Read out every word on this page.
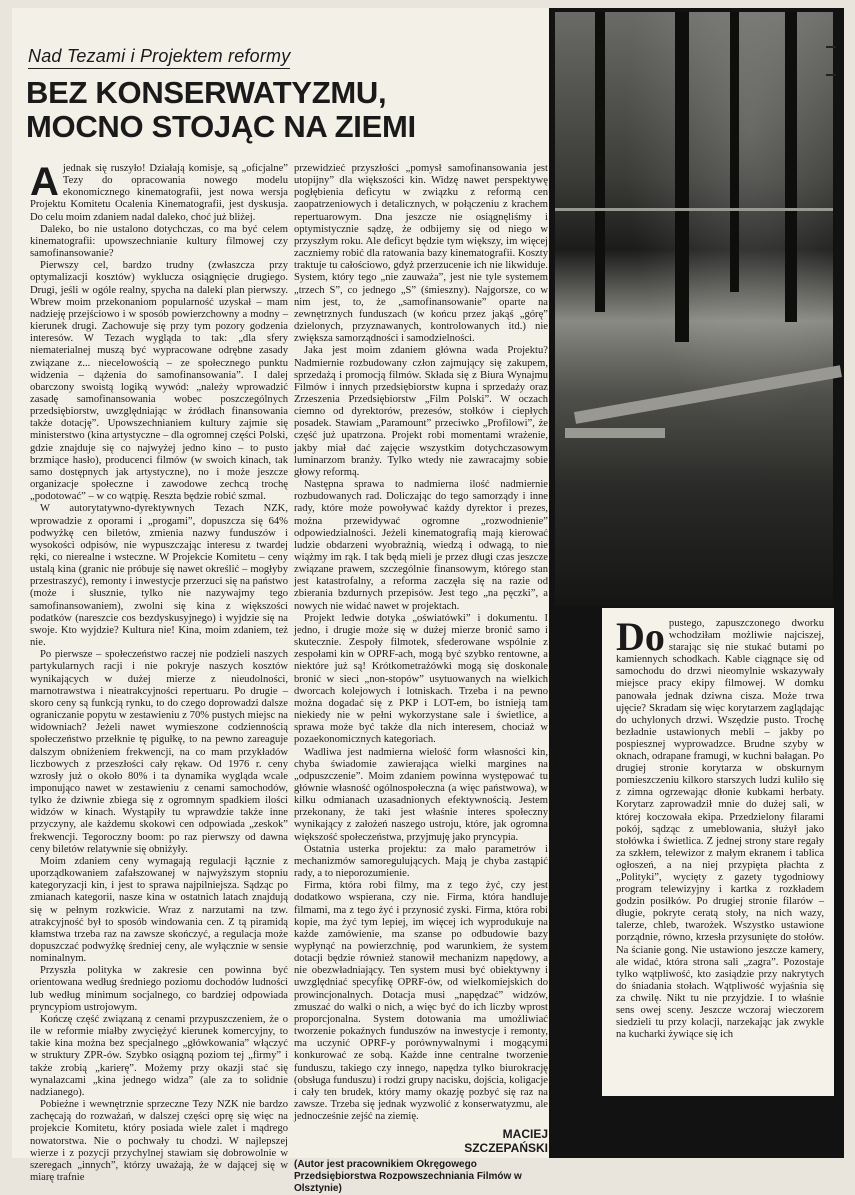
Nad Tezami i Projektem reformy
BEZ KONSERWATYZMU,
MOCNO STOJĄC NA ZIEMI

Ajednak się ruszyło! Działają komisje, są „oficjalne” Tezy do opracowania nowego modelu ekonomicznego kinematografii, jest nowa wersja Projektu Komitetu Ocalenia Kinematografii, jest dyskusja. Do celu moim zdaniem nadal daleko, choć już bliżej.

Daleko, bo nie ustalono dotychczas, co ma być celem kinematografii: upowszechnianie kultury filmowej czy samofinansowanie?

Pierwszy cel, bardzo trudny (zwłaszcza przy optymalizacji kosztów) wyklucza osiągnięcie drugiego. Drugi, jeśli w ogóle realny, spycha na daleki plan pierwszy. Wbrew moim przekonaniom popularność uzyskał – mam nadzieję przejściowo i w sposób powierzchowny a modny – kierunek drugi. Zachowuje się przy tym pozory godzenia interesów. W Tezach wygląda to tak: „dla sfery niematerialnej muszą być wypracowane odrębne zasady związane z... niecelowością – ze społecznego punktu widzenia – dążenia do samofinansowania”. I dalej obarczony swoistą logiką wywód: „należy wprowadzić zasadę samofinansowania wobec poszczególnych przedsiębiorstw, uwzględniając w źródłach finansowania także dotację”. Upowszechnianiem kultury zajmie się ministerstwo (kina artystyczne – dla ogromnej części Polski, gdzie znajduje się co najwyżej jedno kino – to pusto brzmiące hasło), producenci filmów (w swoich kinach, tak samo dostępnych jak artystyczne), no i może jeszcze organizacje społeczne i zawodowe zechcą trochę „podotować” – w co wątpię. Reszta będzie robić szmal.

W autorytatywno-dyrektywnych Tezach NZK, wprowadzie z oporami i „progami”, dopuszcza się 64% podwyżkę cen biletów, zmienia nazwy funduszów i wysokości odpisów, nie wypuszczając interesu z twardej ręki, co nierealne i wsteczne. W Projekcie Komitetu – ceny ustalą kina (granic nie próbuje się nawet określić – mogłyby przestraszyć), remonty i inwestycje przerzuci się na państwo (może i słusznie, tylko nie nazywajmy tego samofinansowaniem), zwolni się kina z większości podatków (nareszcie cos bezdyskusyjnego) i wyjdzie się na swoje. Kto wyjdzie? Kultura nie! Kina, moim zdaniem, też nie.

Po pierwsze – społeczeństwo raczej nie podzieli naszych partykularnych racji i nie pokryje naszych kosztów wynikających w dużej mierze z nieudolności, marnotrawstwa i nieatrakcyjności repertuaru. Po drugie – skoro ceny są funkcją rynku, to do czego doprowadzi dalsze ograniczanie popytu w zestawieniu z 70% pustych miejsc na widowniach? Jeżeli nawet wymieszone codziennością społeczeństwo przełknie tę pigułkę, to na pewno zareaguje dalszym obniżeniem frekwencji, na co mam przykładów liczbowych z przeszłości cały rękaw. Od 1976 r. ceny wzrosły już o około 80% i ta dynamika wygląda wcale imponująco nawet w zestawieniu z cenami samochodów, tylko że dziwnie zbiega się z ogromnym spadkiem ilości widzów w kinach. Wystąpiły tu wprawdzie także inne przyczyny, ale każdemu skokowi cen odpowiada „zeskok” frekwencji. Tegoroczny boom: po raz pierwszy od dawna ceny biletów relatywnie się obniżyły.

Moim zdaniem ceny wymagają regulacji łącznie z uporządkowaniem zafałszowanej w najwyższym stopniu kategoryzacji kin, i jest to sprawa najpilniejsza. Sądząc po zmianach kategorii, nasze kina w ostatnich latach znajdują się w pełnym rozkwicie. Wraz z narzutami na tzw. atrakcyjność był to sposób windowania cen. Z tą piramidą kłamstwa trzeba raz na zawsze skończyć, a regulacja może dopuszczać podwyżkę średniej ceny, ale wyłącznie w sensie nominalnym.

Przyszła polityka w zakresie cen powinna być orientowana według średniego poziomu dochodów ludności lub według minimum socjalnego, co bardziej odpowiada pryncypiom ustrojowym.

Kończę część związaną z cenami przypuszczeniem, że o ile w reformie miałby zwyciężyć kierunek komercyjny, to takie kina można bez specjalnego „główkowania” włączyć w struktury ZPR-ów. Szybko osiągną poziom tej „firmy” i także zrobią „karierę”. Możemy przy okazji stać się wynalazcami „kina jednego widza” (ale za to solidnie nadzianego).

Pobieżne i wewnętrznie sprzeczne Tezy NZK nie bardzo zachęcają do rozważań, w dalszej części oprę się więc na projekcie Komitetu, który posiada wiele zalet i mądrego nowatorstwa. Nie o pochwały tu chodzi. W najlepszej wierze i z pozycji przychylnej stawiam się dobrowolnie w szeregach „innych”, którzy uważają, że w dającej się w miarę trafnie

przewidzieć przyszłości „pomysł samofinansowania jest utopijny” dla większości kin. Widzę nawet perspektywę pogłębienia deficytu w związku z reformą cen zaopatrzeniowych i detalicznych, w połączeniu z krachem repertuarowym. Dna jeszcze nie osiągnęliśmy i optymistycznie sądzę, że odbijemy się od niego w przyszłym roku. Ale deficyt będzie tym większy, im więcej zaczniemy robić dla ratowania bazy kinematografii. Koszty traktuje tu całościowo, gdyż przerzucenie ich nie likwiduje. System, który tego „nie zauważa”, jest nie tyle systemem „trzech S”, co jednego „S” (śmieszny). Najgorsze, co w nim jest, to, że „samofinansowanie” oparte na zewnętrznych funduszach (w końcu przez jakąś „górę” dzielonych, przyznawanych, kontrolowanych itd.) nie zwiększa samorządności i samodzielności.

Jaka jest moim zdaniem główna wada Projektu? Nadmiernie rozbudowany człon zajmujący się zakupem, sprzedażą i promocją filmów. Składa się z Biura Wynajmu Filmów i innych przedsiębiorstw kupna i sprzedaży oraz Zrzeszenia Przedsiębiorstw „Film Polski”. W oczach ciemno od dyrektorów, prezesów, stołków i ciepłych posadek. Stawiam „Paramount” przeciwko „Profilowi”, że część już upatrzona. Projekt robi momentami wrażenie, jakby miał dać zajęcie wszystkim dotychczasowym luminarzom branży. Tylko wtedy nie zawracajmy sobie głowy reformą.

Następna sprawa to nadmierna ilość nadmiernie rozbudowanych rad. Doliczając do tego samorządy i inne rady, które może powoływać każdy dyrektor i prezes, można przewidywać ogromne „rozwodnienie” odpowiedzialności. Jeżeli kinematografią mają kierować ludzie obdarzeni wyobraźnią, wiedzą i odwagą, to nie wiążmy im rąk. I tak będą mieli je przez długi czas jeszcze związane prawem, szczególnie finansowym, którego stan jest katastrofalny, a reforma zaczęła się na razie od zbierania bzdurnych przepisów. Jest tego „na pęczki”, a nowych nie widać nawet w projektach.

Projekt ledwie dotyka „oświatówki” i dokumentu. I jedno, i drugie może się w dużej mierze bronić samo i skutecznie. Zespoły filmotek, sfederowane wspólnie z zespołami kin w OPRF-ach, mogą być szybko rentowne, a niektóre już są! Krótkometrażówki mogą się doskonale bronić w sieci „non-stopów” usytuowanych na wielkich dworcach kolejowych i lotniskach. Trzeba i na pewno można dogadać się z PKP i LOT-em, bo istnieją tam niekiedy nie w pełni wykorzystane sale i świetlice, a sprawa może być także dla nich interesem, chociaż w pozaekonomicznych kategoriach.

Wadliwa jest nadmierna wielość form własności kin, chyba świadomie zawierająca wielki margines na „odpuszczenie”. Moim zdaniem powinna występować tu głównie własność ogólnospołeczna (a więc państwowa), w kilku odmianach uzasadnionych efektywnością. Jestem przekonany, że taki jest właśnie interes społeczny wynikający z założeń naszego ustroju, które, jak ogromna większość społeczeństwa, przyjmuję jako pryncypia.

Ostatnia usterka projektu: za mało parametrów i mechanizmów samoregulujących. Mają je chyba zastąpić rady, a to nieporozumienie.

Firma, która robi filmy, ma z tego żyć, czy jest dodatkowo wspierana, czy nie. Firma, która handluje filmami, ma z tego żyć i przynosić zyski. Firma, która robi kopie, ma żyć tym lepiej, im więcej ich wyprodukuje na każde zamówienie, ma szanse po odbudowie bazy wypłynąć na powierzchnię, pod warunkiem, że system dotacji będzie również stanowił mechanizm napędowy, a nie obezwładniający. Ten system musi być obiektywny i uwzględniać specyfikę OPRF-ów, od wielkomiejskich do prowincjonalnych. Dotacja musi „napędzać” widzów, zmuszać do walki o nich, a więc być do ich liczby wprost proporcjonalna. System dotowania ma umożliwiać tworzenie pokaźnych funduszów na inwestycje i remonty, ma uczynić OPRF-y porównywalnymi i mogącymi konkurować ze sobą. Każde inne centralne tworzenie funduszu, takiego czy innego, napędza tylko biurokrację (obsługa funduszu) i rodzi grupy nacisku, dojścia, koligacje i cały ten brudek, który mamy okazję pozbyć się raz na zawsze. Trzeba się jednak wyzwolić z konserwatyzmu, ale jednocześnie zejść na ziemię.

MACIEJ
SZCZEPAŃSKI
(Autor jest pracownikiem Okręgowego Przedsiębiorstwa Rozpowszechniania Filmów w Olsztynie)
Do pustego, zapuszczonego dworku wchodziłam możliwie najciszej, starając się nie stukać butami po kamiennych schodkach. Kable ciągnące się od samochodu do drzwi nieomylnie wskazywały miejsce pracy ekipy filmowej. W domku panowała jednak dziwna cisza. Może trwa ujęcie? Skradam się więc korytarzem zaglądając do uchylonych drzwi. Wszędzie pusto. Trochę bezładnie ustawionych mebli – jakby po pospiesznej wyprowadzce. Brudne szyby w oknach, odrapane framugi, w kuchni bałagan. Po drugiej stronie korytarza w obskurnym pomieszczeniu kilkoro starszych ludzi kuliło się z zimna ogrzewając dłonie kubkami herbaty. Korytarz zaprowadził mnie do dużej sali, w której koczowała ekipa. Przedzielony filarami pokój, sądząc z umeblowania, służył jako stołówka i świetlica. Z jednej strony stare regały za szkłem, telewizor z małym ekranem i tablica ogłoszeń, a na niej przypięta płachta z „Polityki”, wycięty z gazety tygodniowy program telewizyjny i kartka z rozkładem godzin posiłków. Po drugiej stronie filarów – długie, pokryte ceratą stoły, na nich wazy, talerze, chleb, twarożek. Wszystko ustawione porządnie, równo, krzesła przysunięte do stołów. Na ścianie gong. Nie ustawiono jeszcze kamery, ale widać, która strona sali „zagra”. Pozostaje tylko wątpliwość, kto zasiądzie przy nakrytych do śniadania stołach. Wątpliwość wyjaśnia się za chwilę. Nikt tu nie przyjdzie. I to właśnie sens owej sceny. Jeszcze wczoraj wieczorem siedzieli tu przy kolacji, narzekając jak zwykle na kucharki żywiące się ich
